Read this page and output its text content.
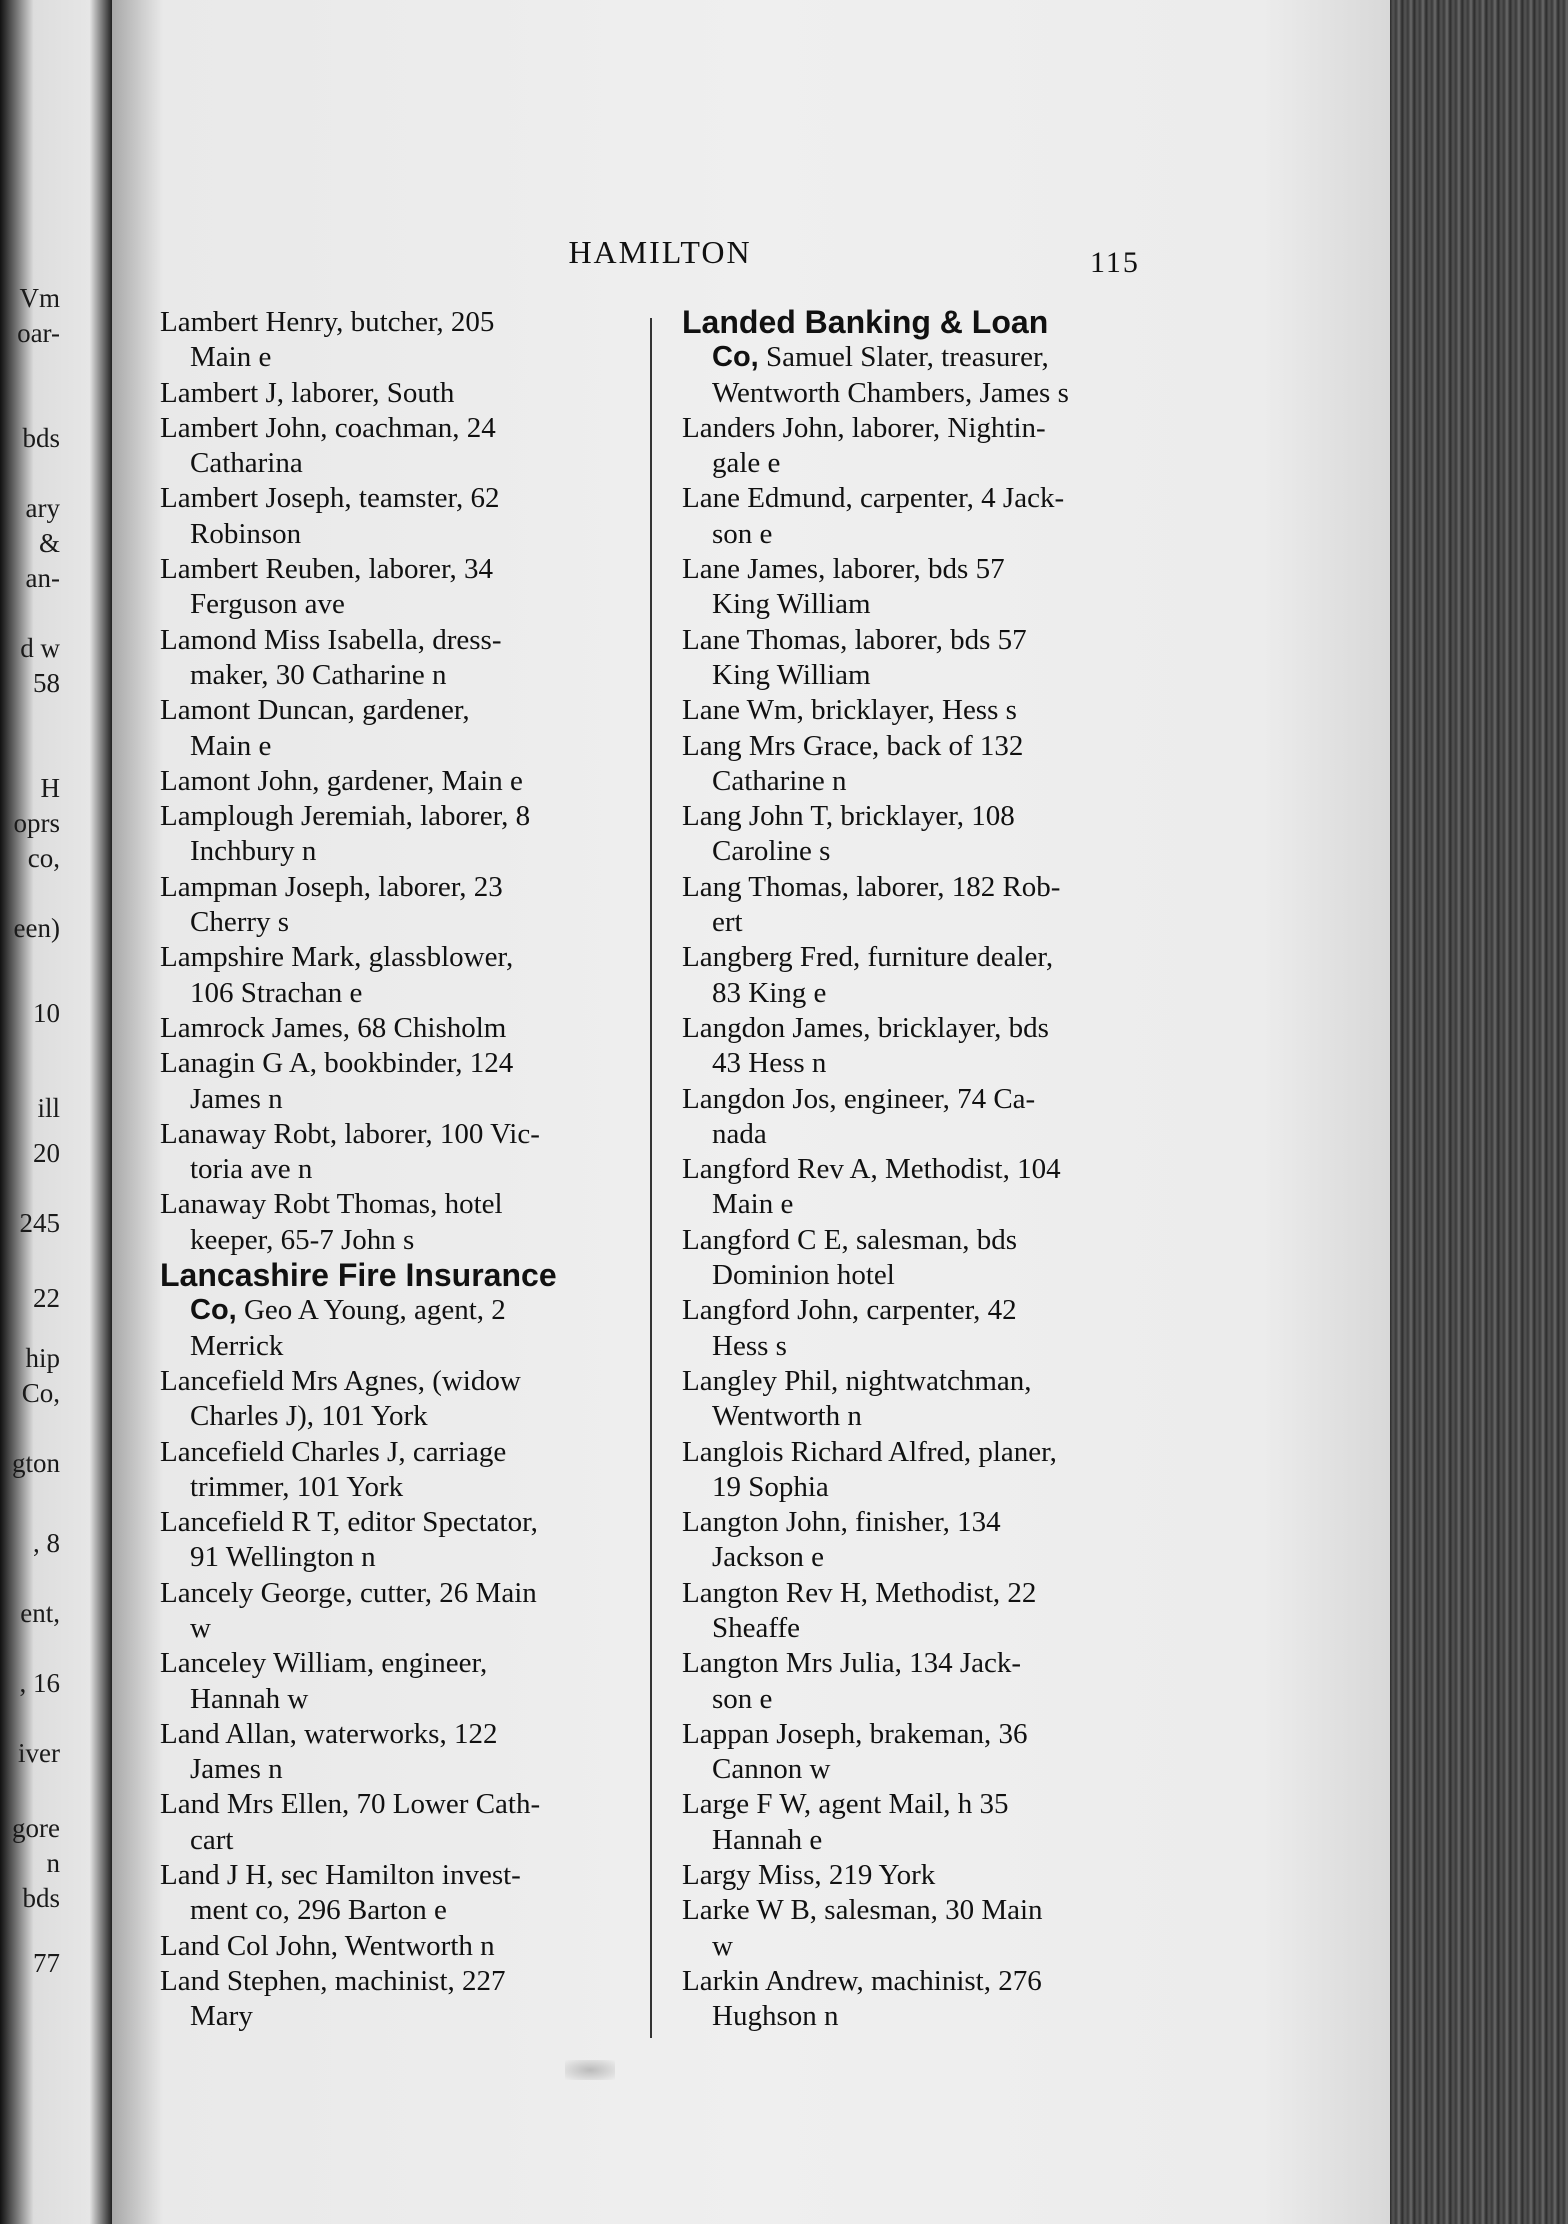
Vm
oar-
bds
ary
&
an-
d w
58
H
oprs
co,
een)
10
ill
20
245
22
hip
Co,
gton
, 8
ent,
, 16
iver
gore
n
bds
77
HAMILTON	115

Lambert Henry, butcher, 205
Main e

Lambert J, laborer, South

Lambert John, coachman, 24
Catharina

Lambert Joseph, teamster, 62
Robinson

Lambert Reuben, laborer, 34
Ferguson ave

Lamond Miss Isabella, dress-
maker, 30 Catharine n

Lamont Duncan, gardener,
Main e

Lamont John, gardener, Main e

Lamplough Jeremiah, laborer, 8
Inchbury n

Lampman Joseph, laborer, 23
Cherry s

Lampshire Mark, glassblower,
106 Strachan e

Lamrock James, 68 Chisholm

Lanagin G A, bookbinder, 124
James n

Lanaway Robt, laborer, 100 Vic-
toria ave n

Lanaway Robt Thomas, hotel
keeper, 65-7 John s

Lancashire Fire Insurance
Co, Geo A Young, agent, 2
Merrick

Lancefield Mrs Agnes, (widow
Charles J), 101 York

Lancefield Charles J, carriage
trimmer, 101 York

Lancefield R T, editor Spectator,
91 Wellington n

Lancely George, cutter, 26 Main
w

Lanceley William, engineer,
Hannah w

Land Allan, waterworks, 122
James n

Land Mrs Ellen, 70 Lower Cath-
cart

Land J H, sec Hamilton invest-
ment co, 296 Barton e

Land Col John, Wentworth n

Land Stephen, machinist, 227
Mary

Landed Banking & Loan
Co, Samuel Slater, treasurer,
Wentworth Chambers, James s

Landers John, laborer, Nightin-
gale e

Lane Edmund, carpenter, 4 Jack-
son e

Lane James, laborer, bds 57
King William

Lane Thomas, laborer, bds 57
King William

Lane Wm, bricklayer, Hess s

Lang Mrs Grace, back of 132
Catharine n

Lang John T, bricklayer, 108
Caroline s

Lang Thomas, laborer, 182 Rob-
ert

Langberg Fred, furniture dealer,
83 King e

Langdon James, bricklayer, bds
43 Hess n

Langdon Jos, engineer, 74 Ca-
nada

Langford Rev A, Methodist, 104
Main e

Langford C E, salesman, bds
Dominion hotel

Langford John, carpenter, 42
Hess s

Langley Phil, nightwatchman,
Wentworth n

Langlois Richard Alfred, planer,
19 Sophia

Langton John, finisher, 134
Jackson e

Langton Rev H, Methodist, 22
Sheaffe

Langton Mrs Julia, 134 Jack-
son e

Lappan Joseph, brakeman, 36
Cannon w

Large F W, agent Mail, h 35
Hannah e

Largy Miss, 219 York

Larke W B, salesman, 30 Main
w

Larkin Andrew, machinist, 276
Hughson n
